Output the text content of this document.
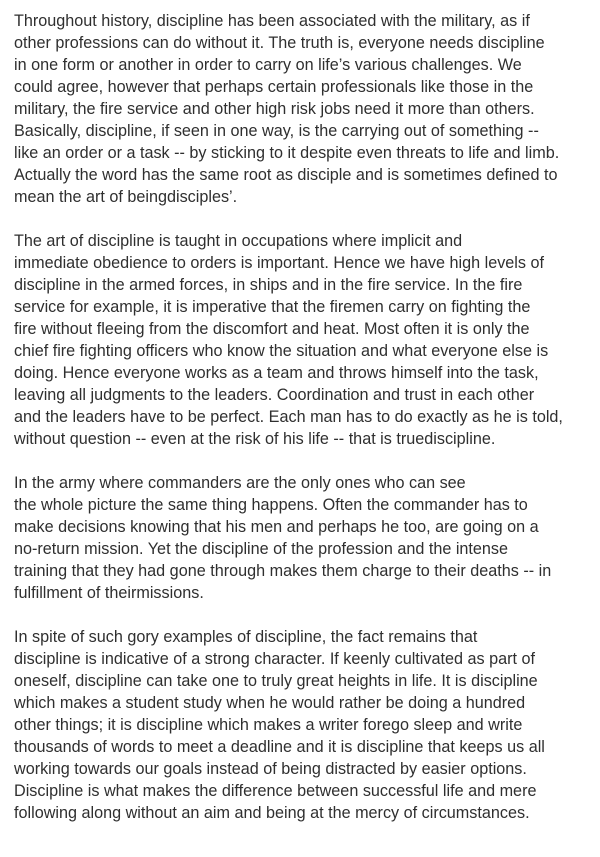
Throughout history, discipline has been associated with the military, as if
other professions can do without it. The truth is, everyone needs discipline
in one form or another in order to carry on life’s various challenges. We
could agree, however that perhaps certain professionals like those in the
military, the fire service and other high risk jobs need it more than others.
Basically, discipline, if seen in one way, is the carrying out of something --
like an order or a task -- by sticking to it despite even threats to life and limb.
Actually the word has the same root as disciple and is sometimes defined to
mean the art of beingdisciples’.

The art of discipline is taught in occupations where implicit and
immediate obedience to orders is important. Hence we have high levels of
discipline in the armed forces, in ships and in the fire service. In the fire
service for example, it is imperative that the firemen carry on fighting the
fire without fleeing from the discomfort and heat. Most often it is only the
chief fire fighting officers who know the situation and what everyone else is
doing. Hence everyone works as a team and throws himself into the task,
leaving all judgments to the leaders. Coordination and trust in each other
and the leaders have to be perfect. Each man has to do exactly as he is told,
without question -- even at the risk of his life -- that is truediscipline.

In the army where commanders are the only ones who can see
the whole picture the same thing happens. Often the commander has to
make decisions knowing that his men and perhaps he too, are going on a
no-return mission. Yet the discipline of the profession and the intense
training that they had gone through makes them charge to their deaths -- in
fulfillment of theirmissions.

In spite of such gory examples of discipline, the fact remains that
discipline is indicative of a strong character. If keenly cultivated as part of
oneself, discipline can take one to truly great heights in life. It is discipline
which makes a student study when he would rather be doing a hundred
other things; it is discipline which makes a writer forego sleep and write
thousands of words to meet a deadline and it is discipline that keeps us all
working towards our goals instead of being distracted by easier options.
Discipline is what makes the difference between successful life and mere
following along without an aim and being at the mercy of circumstances.
